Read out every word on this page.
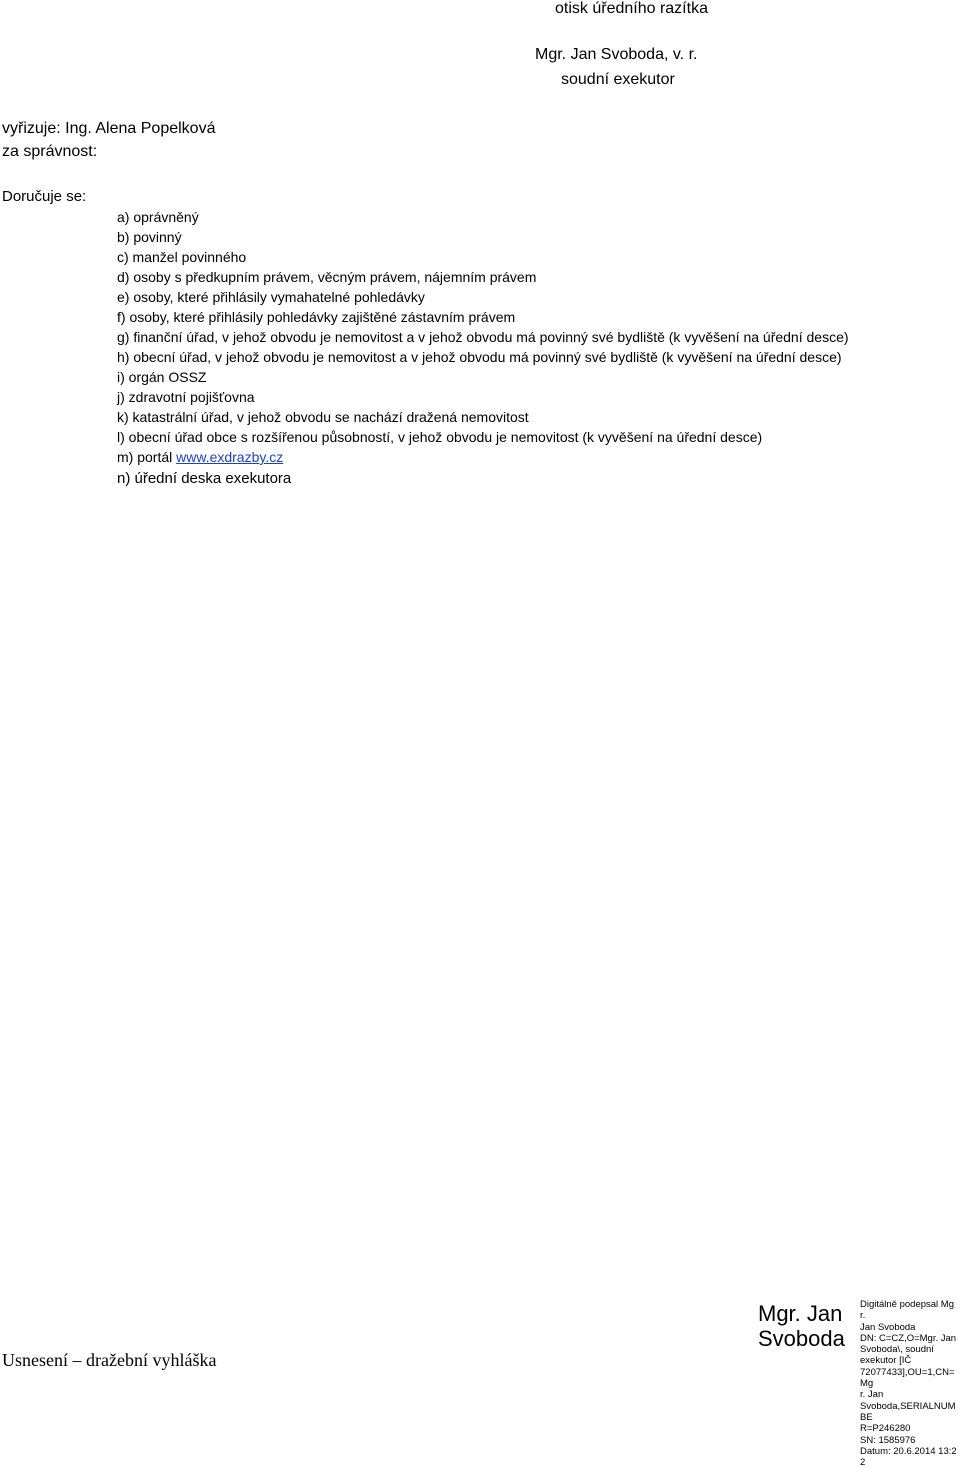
otisk úředního razítka
Mgr. Jan Svoboda, v. r.
soudní exekutor
vyřizuje: Ing. Alena Popelková
za správnost:
Doručuje se:
a) oprávněný
b) povinný
c) manžel povinného
d) osoby s předkupním právem, věcným právem, nájemním právem
e) osoby, které přihlásily vymahatelné pohledávky
f) osoby, které přihlásily pohledávky zajištěné zástavním právem
g) finanční úřad, v jehož obvodu je nemovitost a v jehož obvodu má povinný své bydliště (k vyvěšení na úřední desce)
h) obecní úřad, v jehož obvodu je nemovitost a v jehož obvodu má povinný své bydliště (k vyvěšení na úřední desce)
i) orgán OSSZ
j) zdravotní pojišťovna
k) katastrální úřad, v jehož obvodu se nachází dražená nemovitost
l) obecní úřad obce s rozšířenou působností, v jehož obvodu je nemovitost (k vyvěšení na úřední desce)
m) portál www.exdrazby.cz
n) úřední deska exekutora
Usnesení – dražební vyhláška
Mgr. Jan Svoboda
Digitálně podepsal Mgr.
Jan Svoboda
DN: C=CZ,O=Mgr. Jan
Svoboda\, soudní
exekutor [IČ
72077433],OU=1,CN=Mg
r. Jan
Svoboda,SERIALNUMBE
R=P246280
SN: 1585976
Datum: 20.6.2014 13:22
